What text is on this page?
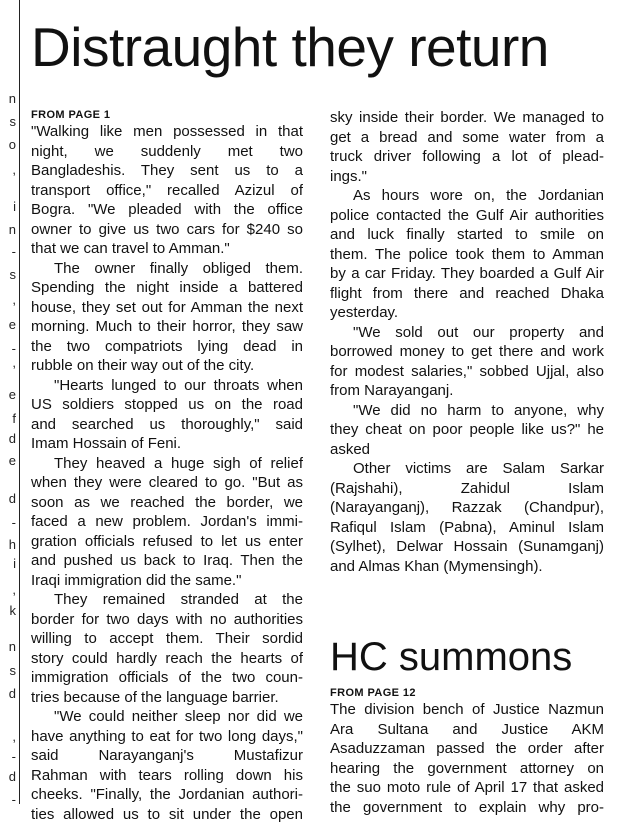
n
s
o
,
i
n
-
s
,
e
-
,
e
f
d
e
d
-
h
i
,
k
n
s
d
,
-
d
-
Distraught they return
FROM PAGE 1
"Walking like men possessed in that
night, we suddenly met two
Bangladeshis. They sent us to a
transport office," recalled Azizul of
Bogra. "We pleaded with the office
owner to give us two cars for $240 so
that we can travel to Amman."
The owner finally obliged them.
Spending the night inside a battered
house, they set out for Amman the next
morning. Much to their horror, they saw
the two compatriots lying dead in
rubble on their way out of the city.
"Hearts lunged to our throats when
US soldiers stopped us on the road
and searched us thoroughly," said
Imam Hossain of Feni.
They heaved a huge sigh of relief
when they were cleared to go. "But as
soon as we reached the border, we
faced a new problem. Jordan's immi-
gration officials refused to let us enter
and pushed us back to Iraq. Then the
Iraqi immigration did the same."
They remained stranded at the
border for two days with no authorities
willing to accept them. Their sordid
story could hardly reach the hearts of
immigration officials of the two coun-
tries because of the language barrier.
"We could neither sleep nor did we
have anything to eat for two long days,"
said Narayanganj's Mustafizur
Rahman with tears rolling down his
cheeks. "Finally, the Jordanian authori-
ties allowed us to sit under the open
sky inside their border. We managed to
get a bread and some water from a
truck driver following a lot of plead-
ings."
As hours wore on, the Jordanian
police contacted the Gulf Air authorities
and luck finally started to smile on
them. The police took them to Amman
by a car Friday. They boarded a Gulf Air
flight from there and reached Dhaka
yesterday.
"We sold out our property and
borrowed money to get there and work
for modest salaries," sobbed Ujjal, also
from Narayanganj.
"We did no harm to anyone, why
they cheat on poor people like us?" he
asked
Other victims are Salam Sarkar
(Rajshahi), Zahidul Islam
(Narayanganj), Razzak (Chandpur),
Rafiqul Islam (Pabna), Aminul Islam
(Sylhet), Delwar Hossain (Sunamganj)
and Almas Khan (Mymensingh).
HC summons
FROM PAGE 12
The division bench of Justice Nazmun
Ara Sultana and Justice AKM
Asaduzzaman passed the order after
hearing the government attorney on
the suo moto rule of April 17 that asked
the government to explain why pro-
